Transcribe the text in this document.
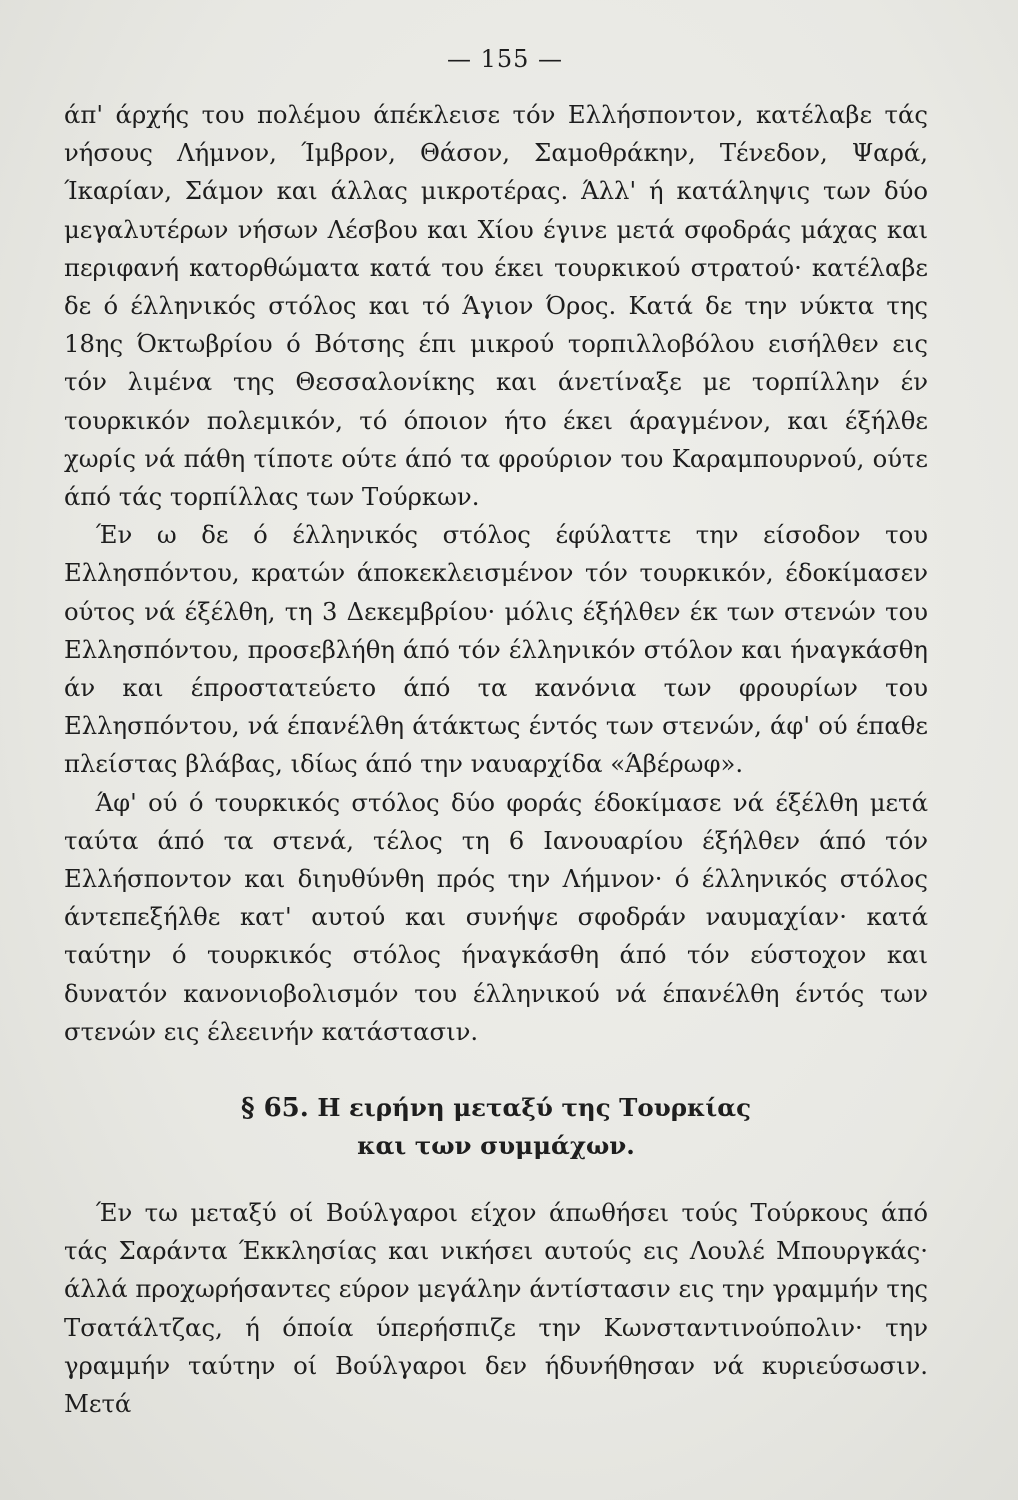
— 155 —

άπ' άρχής του πολέμου άπέκλεισε τόν Ελλήσποντον, κατέλαβε τάς νήσους Λήμνον, Ίμβρον, Θάσον, Σαμοθράκην, Τένεδον, Ψαρά, Ίκαρίαν, Σάμον και άλλας μικροτέρας. Άλλ' ή κατάληψις των δύο μεγαλυτέρων νήσων Λέσβου και Χίου έγινε μετά σφοδράς μάχας και περιφανή κατορθώματα κατά του έκει τουρκικού στρατού· κατέλαβε δε ό έλληνικός στόλος και τό Άγιον Όρος. Κατά δε την νύκτα της 18ης Όκτωβρίου ό Βότσης έπι μικρού τορπιλλοβόλου εισήλθεν εις τόν λιμένα της Θεσσαλονίκης και άνετίναξε με τορπίλλην έν τουρκικόν πολεμικόν, τό όποιον ήτο έκει άραγμένον, και έξήλθε χωρίς νά πάθη τίποτε ούτε άπό τα φρούριον του Καραμπουρνού, ούτε άπό τάς τορπίλλας των Τούρκων.

Έν ω δε ό έλληνικός στόλος έφύλαττε την είσοδον του Ελλησπόντου, κρατών άποκεκλεισμένον τόν τουρκικόν, έδοκίμασεν ούτος νά έξέλθη, τη 3 Δεκεμβρίου· μόλις έξήλθεν έκ των στενών του Ελλησπόντου, προσεβλήθη άπό τόν έλληνικόν στόλον και ήναγκάσθη άν και έπροστατεύετο άπό τα κανόνια των φρουρίων του Ελλησπόντου, νά έπανέλθη άτάκτως έντός των στενών, άφ' ού έπαθε πλείστας βλάβας, ιδίως άπό την ναυαρχίδα «Άβέρωφ».

Άφ' ού ό τουρκικός στόλος δύο φοράς έδοκίμασε νά έξέλθη μετά ταύτα άπό τα στενά, τέλος τη 6 Ιανουαρίου έξήλθεν άπό τόν Ελλήσποντον και διηυθύνθη πρός την Λήμνον· ό έλληνικός στόλος άντεπεξήλθε κατ' αυτού και συνήψε σφοδράν ναυμαχίαν· κατά ταύτην ό τουρκικός στόλος ήναγκάσθη άπό τόν εύστοχον και δυνατόν κανονιοβολισμόν του έλληνικού νά έπανέλθη έντός των στενών εις έλεεινήν κατάστασιν.

§ 65. Η ειρήνη μεταξύ της Τουρκίας
και των συμμάχων.

Έν τω μεταξύ οί Βούλγαροι είχον άπωθήσει τούς Τούρκους άπό τάς Σαράντα Έκκλησίας και νικήσει αυτούς εις Λουλέ Μπουργκάς· άλλά προχωρήσαντες εύρον μεγάλην άντίστασιν εις την γραμμήν της Τσατάλτζας, ή όποία ύπερήσπιζε την Κωνσταντινούπολιν· την γραμμήν ταύτην οί Βούλγαροι δεν ήδυνήθησαν νά κυριεύσωσιν. Μετά
